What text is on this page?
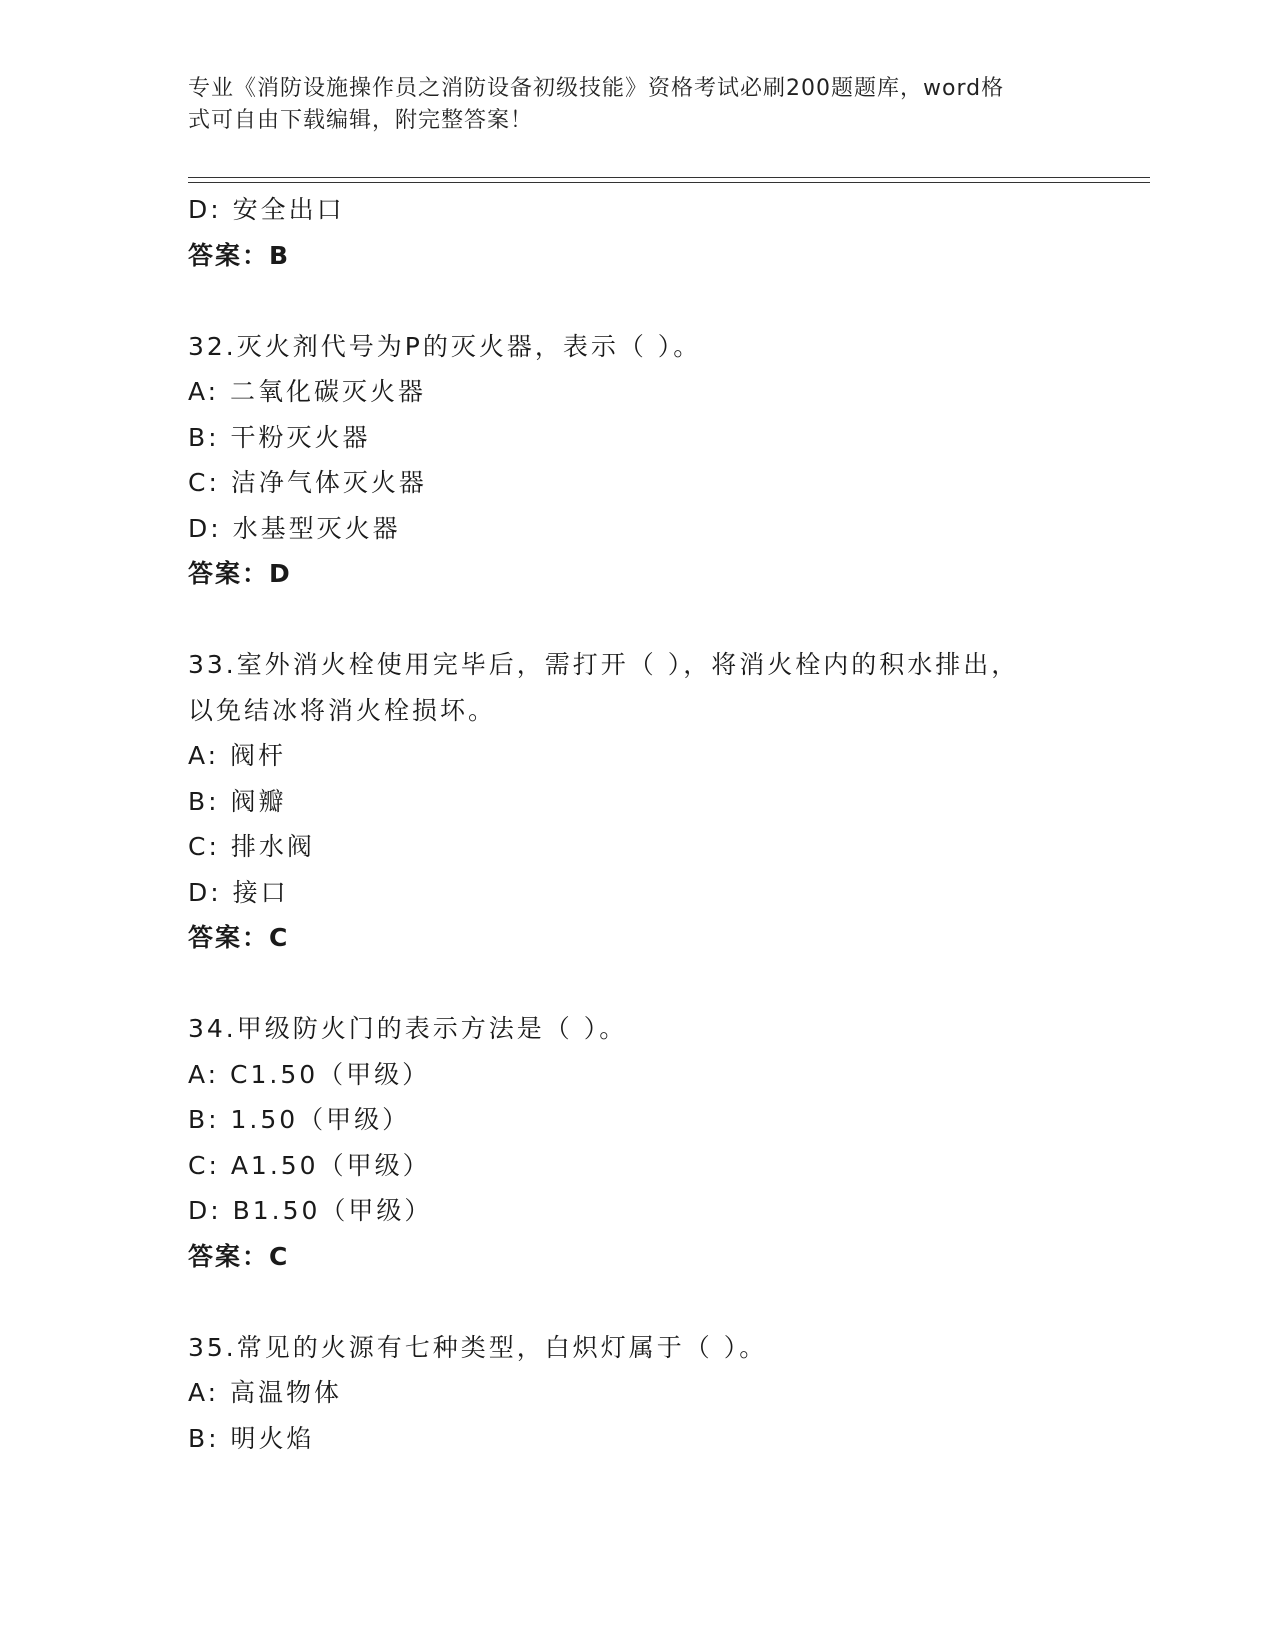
专业《消防设施操作员之消防设备初级技能》资格考试必刷200题题库，word格
式可自由下载编辑，附完整答案！
D: 安全出口
答案：B
32.灭火剂代号为P的灭火器，表示（ ）。
A: 二氧化碳灭火器
B: 干粉灭火器
C: 洁净气体灭火器
D: 水基型灭火器
答案：D
33.室外消火栓使用完毕后，需打开（ ），将消火栓内的积水排出，
以免结冰将消火栓损坏。
A: 阀杆
B: 阀瓣
C: 排水阀
D: 接口
答案：C
34.甲级防火门的表示方法是（ ）。
A: C1.50（甲级）
B: 1.50（甲级）
C: A1.50（甲级）
D: B1.50（甲级）
答案：C
35.常见的火源有七种类型，白炽灯属于（ ）。
A: 高温物体
B: 明火焰
